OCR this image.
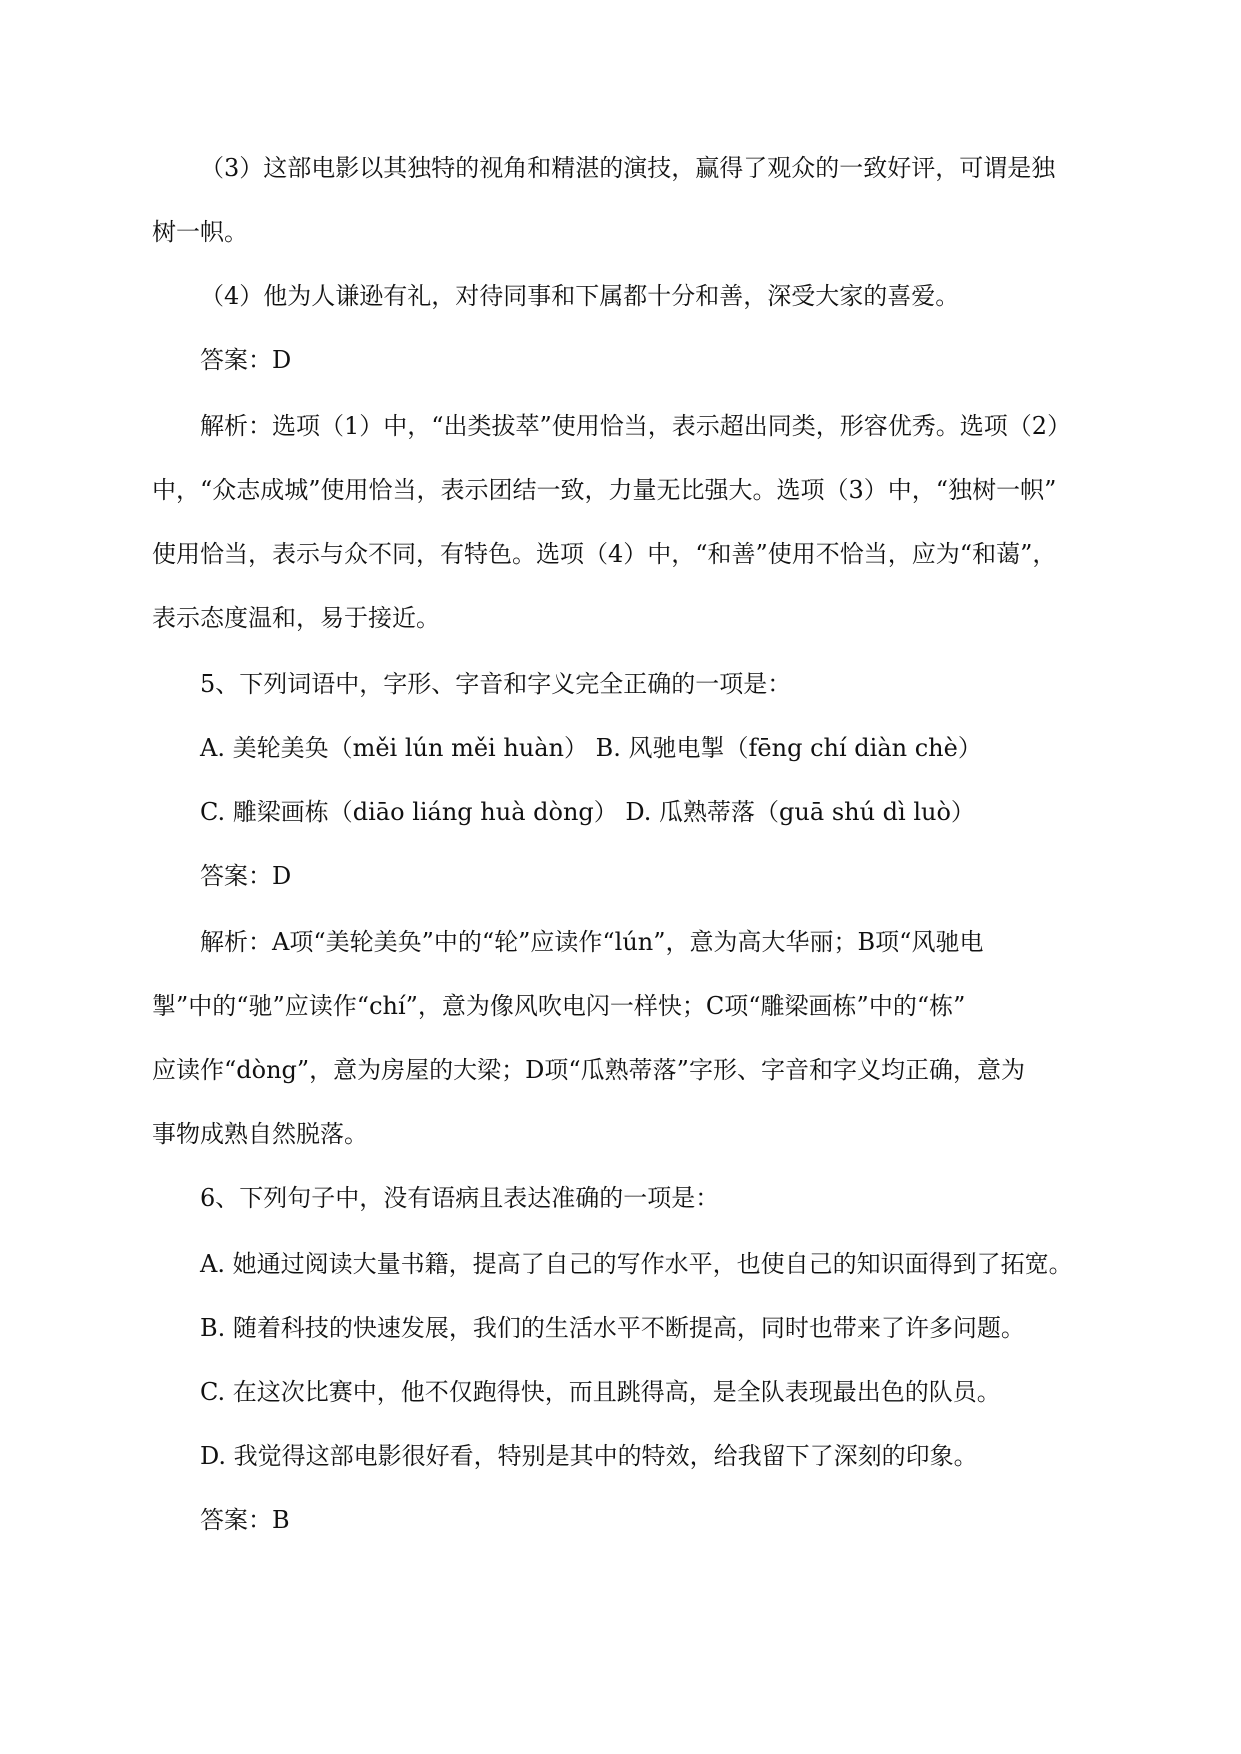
（3）这部电影以其独特的视角和精湛的演技，赢得了观众的一致好评，可谓是独
树一帜。
（4）他为人谦逊有礼，对待同事和下属都十分和善，深受大家的喜爱。
答案：D
解析：选项（1）中，“出类拔萃”使用恰当，表示超出同类，形容优秀。选项（2）
中，“众志成城”使用恰当，表示团结一致，力量无比强大。选项（3）中，“独树一帜”
使用恰当，表示与众不同，有特色。选项（4）中，“和善”使用不恰当，应为“和蔼”，
表示态度温和，易于接近。
5、下列词语中，字形、字音和字义完全正确的一项是：
A. 美轮美奂（měi lún měi huàn） B. 风驰电掣（fēng chí diàn chè）
C. 雕梁画栋（diāo liáng huà dòng） D. 瓜熟蒂落（guā shú dì luò）
答案：D
解析：A项“美轮美奂”中的“轮”应读作“lún”，意为高大华丽；B项“风驰电
掣”中的“驰”应读作“chí”，意为像风吹电闪一样快；C项“雕梁画栋”中的“栋”
应读作“dòng”，意为房屋的大梁；D项“瓜熟蒂落”字形、字音和字义均正确，意为
事物成熟自然脱落。
6、下列句子中，没有语病且表达准确的一项是：
A. 她通过阅读大量书籍，提高了自己的写作水平，也使自己的知识面得到了拓宽。
B. 随着科技的快速发展，我们的生活水平不断提高，同时也带来了许多问题。
C. 在这次比赛中，他不仅跑得快，而且跳得高，是全队表现最出色的队员。
D. 我觉得这部电影很好看，特别是其中的特效，给我留下了深刻的印象。
答案：B
